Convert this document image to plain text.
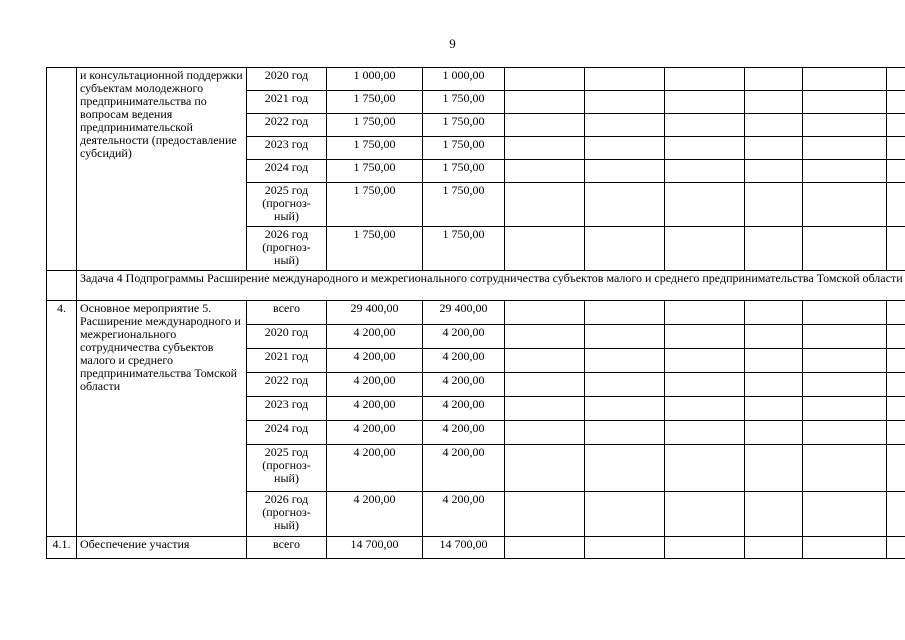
9
	и консультационной поддержки субъектам молодежного предпринимательства по вопросам ведения предпринимательской деятельности (предоставление субсидий)	2020 год	1 000,00	1 000,00						
		2021 год	1 750,00	1 750,00						
		2022 год	1 750,00	1 750,00						
		2023 год	1 750,00	1 750,00						
		2024 год	1 750,00	1 750,00						
		2025 год (прогноз-ный)	1 750,00	1 750,00						
		2026 год (прогноз-ный)	1 750,00	1 750,00						
	Задача 4 Подпрограммы Расширение международного и межрегионального сотрудничества субъектов малого и среднего предпринимательства Томской области									
4.	Основное мероприятие 5. Расширение международного и межрегионального сотрудничества субъектов малого и среднего предпринимательства Томской области	всего	29 400,00	29 400,00						
		2020 год	4 200,00	4 200,00						
		2021 год	4 200,00	4 200,00						
		2022 год	4 200,00	4 200,00						
		2023 год	4 200,00	4 200,00						
		2024 год	4 200,00	4 200,00						
		2025 год (прогноз-ный)	4 200,00	4 200,00						
		2026 год (прогноз-ный)	4 200,00	4 200,00						
4.1.	Обеспечение участия	всего	14 700,00	14 700,00						
